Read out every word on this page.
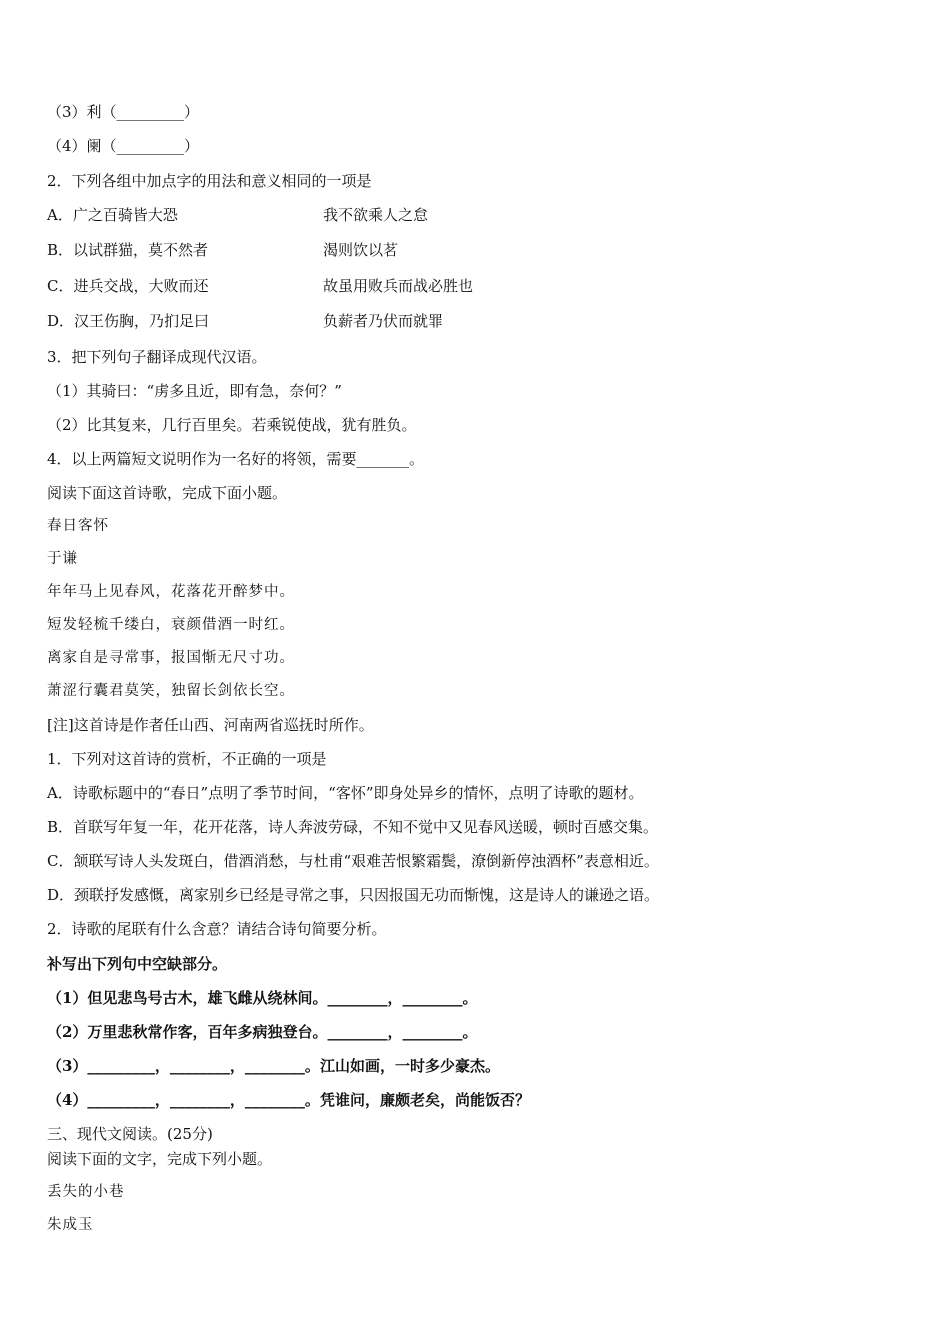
（3）利（_________）
（4）阑（_________）
2．下列各组中加点字的用法和意义相同的一项是
A．广之百骑皆大恐	我不欲乘人之怠
B．以试群猫，莫不然者	渴则饮以茗
C．进兵交战，大败而还	故虽用败兵而战必胜也
D．汉王伤胸，乃扪足曰	负薪者乃伏而就罪
3．把下列句子翻译成现代汉语。
（1）其骑曰：“虏多且近，即有急，奈何？”
（2）比其复来，几行百里矣。若乘锐使战，犹有胜负。
4．以上两篇短文说明作为一名好的将领，需要_______。
阅读下面这首诗歌，完成下面小题。
春日客怀
于谦
年年马上见春风，花落花开醉梦中。
短发轻梳千缕白，衰颜借酒一时红。
离家自是寻常事，报国惭无尺寸功。
萧涩行囊君莫笑，独留长剑依长空。
[注]这首诗是作者任山西、河南两省巡抚时所作。
1．下列对这首诗的赏析，不正确的一项是
A．诗歌标题中的“春日”点明了季节时间，“客怀”即身处异乡的情怀，点明了诗歌的题材。
B．首联写年复一年，花开花落，诗人奔波劳碌，不知不觉中又见春风送暖，顿时百感交集。
C．颔联写诗人头发斑白，借酒消愁，与杜甫“艰难苦恨繁霜鬓，潦倒新停浊酒杯”表意相近。
D．颈联抒发感慨，离家别乡已经是寻常之事，只因报国无功而惭愧，这是诗人的谦逊之语。
2．诗歌的尾联有什么含意？请结合诗句简要分析。
补写出下列句中空缺部分。
（1）但见悲鸟号古木，雄飞雌从绕林间。________，________。
（2）万里悲秋常作客，百年多病独登台。________，________。
（3）_________，________，________。江山如画，一时多少豪杰。
（4）_________，________，________。凭谁问，廉颇老矣，尚能饭否？
三、现代文阅读。(25分)
阅读下面的文字，完成下列小题。
丢失的小巷
朱成玉
